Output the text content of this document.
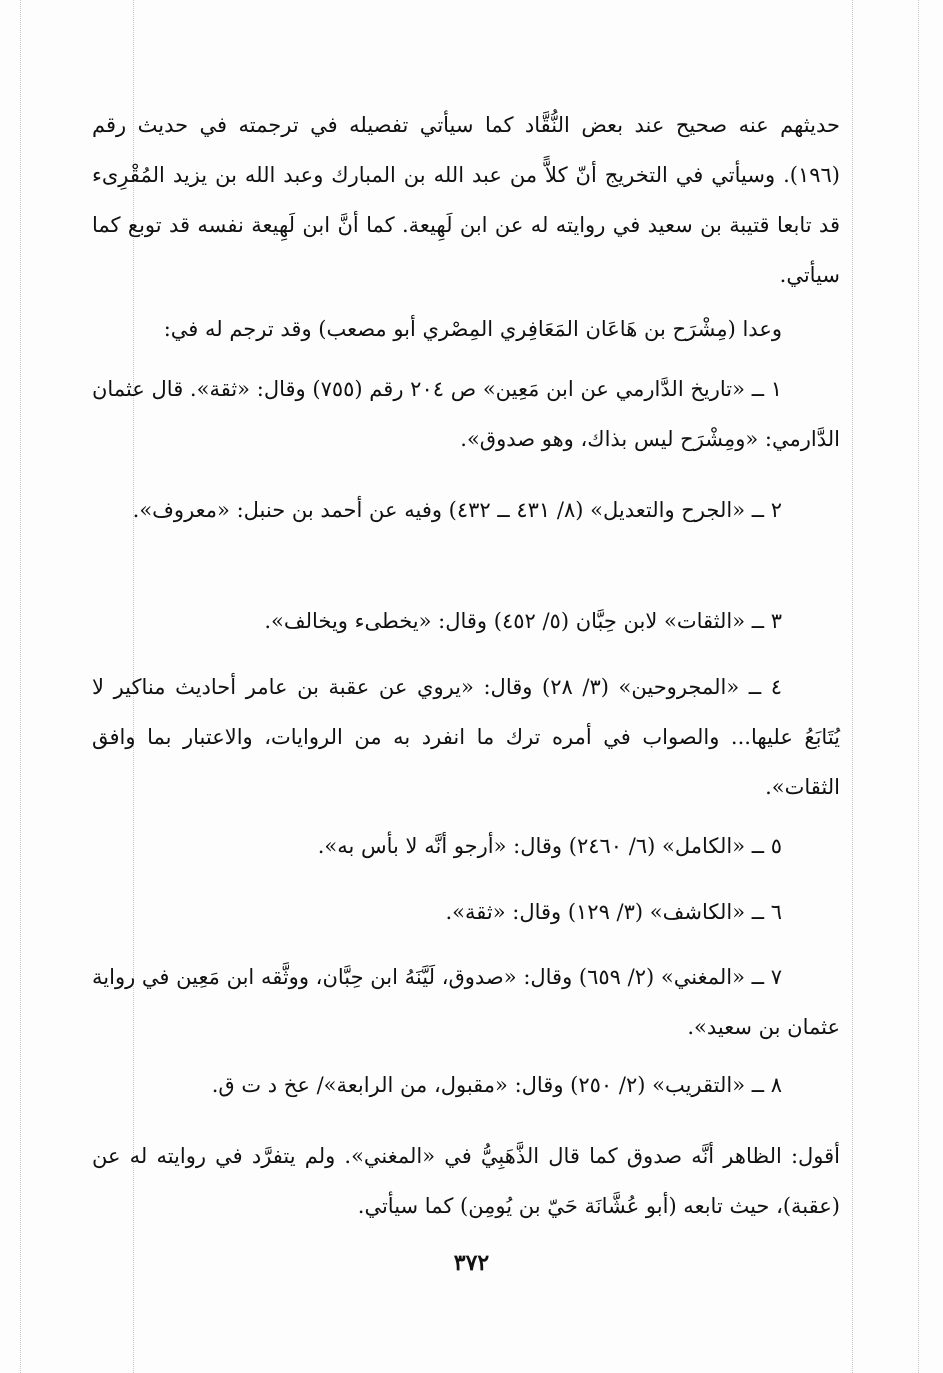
حديثهم عنه صحيح عند بعض النُّقَّاد كما سيأتي تفصيله في ترجمته في حديث رقم (١٩٦). وسيأتي في التخريج أنّ كلاًّ من عبد الله بن المبارك وعبد الله بن يزيد المُقْرِىء قد تابعا قتيبة بن سعيد في روايته له عن ابن لَهِيعة. كما أنَّ ابن لَهِيعة نفسه قد توبع كما سيأتي.

وعدا (مِشْرَح بن هَاعَان المَعَافِري المِصْري أبو مصعب) وقد ترجم له في:

١ ــ «تاريخ الدَّارمي عن ابن مَعِين» ص ٢٠٤ رقم (٧٥٥) وقال: «ثقة». قال عثمان الدَّارمي: «ومِشْرَح ليس بذاك، وهو صدوق».

٢ ــ «الجرح والتعديل» (٨/ ٤٣١ ــ ٤٣٢) وفيه عن أحمد بن حنبل: «معروف».

٣ ــ «الثقات» لابن حِبَّان (٥/ ٤٥٢) وقال: «يخطىء ويخالف».

٤ ــ «المجروحين» (٣/ ٢٨) وقال: «يروي عن عقبة بن عامر أحاديث مناكير لا يُتَابَعُ عليها... والصواب في أمره ترك ما انفرد به من الروايات، والاعتبار بما وافق الثقات».

٥ ــ «الكامل» (٦/ ٢٤٦٠) وقال: «أرجو أنَّه لا بأس به».

٦ ــ «الكاشف» (٣/ ١٢٩) وقال: «ثقة».

٧ ــ «المغني» (٢/ ٦٥٩) وقال: «صدوق، لَيَّنَهُ ابن حِبَّان، ووثَّقه ابن مَعِين في رواية عثمان بن سعيد».

٨ ــ «التقريب» (٢/ ٢٥٠) وقال: «مقبول، من الرابعة»/ عخ د ت ق.

أقول: الظاهر أنَّه صدوق كما قال الذَّهَبِيُّ في «المغني». ولم يتفرَّد في روايته له عن (عقبة)، حيث تابعه (أبو عُشَّانَة حَيّ بن يُومِن) كما سيأتي.

٣٧٢
